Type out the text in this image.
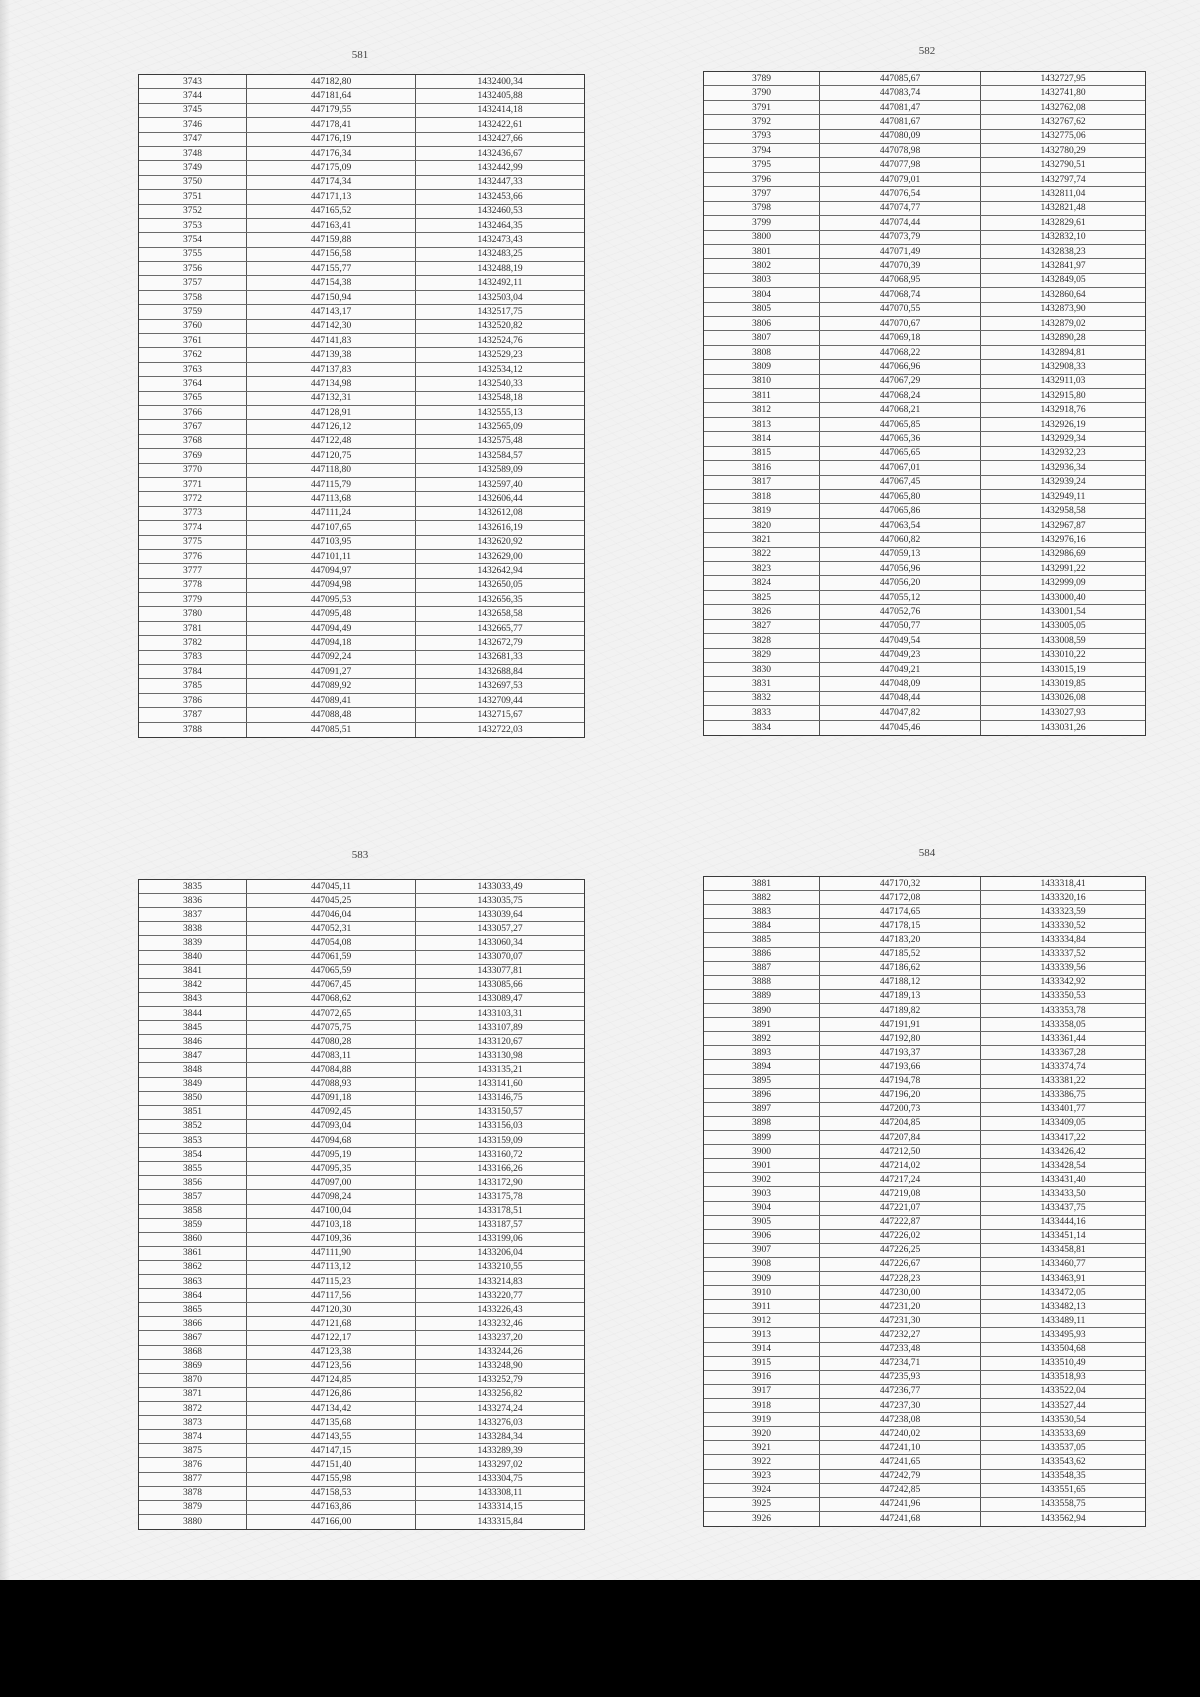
581
3743	447182,80	1432400,34
3744	447181,64	1432405,88
3745	447179,55	1432414,18
3746	447178,41	1432422,61
3747	447176,19	1432427,66
3748	447176,34	1432436,67
3749	447175,09	1432442,99
3750	447174,34	1432447,33
3751	447171,13	1432453,66
3752	447165,52	1432460,53
3753	447163,41	1432464,35
3754	447159,88	1432473,43
3755	447156,58	1432483,25
3756	447155,77	1432488,19
3757	447154,38	1432492,11
3758	447150,94	1432503,04
3759	447143,17	1432517,75
3760	447142,30	1432520,82
3761	447141,83	1432524,76
3762	447139,38	1432529,23
3763	447137,83	1432534,12
3764	447134,98	1432540,33
3765	447132,31	1432548,18
3766	447128,91	1432555,13
3767	447126,12	1432565,09
3768	447122,48	1432575,48
3769	447120,75	1432584,57
3770	447118,80	1432589,09
3771	447115,79	1432597,40
3772	447113,68	1432606,44
3773	447111,24	1432612,08
3774	447107,65	1432616,19
3775	447103,95	1432620,92
3776	447101,11	1432629,00
3777	447094,97	1432642,94
3778	447094,98	1432650,05
3779	447095,53	1432656,35
3780	447095,48	1432658,58
3781	447094,49	1432665,77
3782	447094,18	1432672,79
3783	447092,24	1432681,33
3784	447091,27	1432688,84
3785	447089,92	1432697,53
3786	447089,41	1432709,44
3787	447088,48	1432715,67
3788	447085,51	1432722,03
582
3789	447085,67	1432727,95
3790	447083,74	1432741,80
3791	447081,47	1432762,08
3792	447081,67	1432767,62
3793	447080,09	1432775,06
3794	447078,98	1432780,29
3795	447077,98	1432790,51
3796	447079,01	1432797,74
3797	447076,54	1432811,04
3798	447074,77	1432821,48
3799	447074,44	1432829,61
3800	447073,79	1432832,10
3801	447071,49	1432838,23
3802	447070,39	1432841,97
3803	447068,95	1432849,05
3804	447068,74	1432860,64
3805	447070,55	1432873,90
3806	447070,67	1432879,02
3807	447069,18	1432890,28
3808	447068,22	1432894,81
3809	447066,96	1432908,33
3810	447067,29	1432911,03
3811	447068,24	1432915,80
3812	447068,21	1432918,76
3813	447065,85	1432926,19
3814	447065,36	1432929,34
3815	447065,65	1432932,23
3816	447067,01	1432936,34
3817	447067,45	1432939,24
3818	447065,80	1432949,11
3819	447065,86	1432958,58
3820	447063,54	1432967,87
3821	447060,82	1432976,16
3822	447059,13	1432986,69
3823	447056,96	1432991,22
3824	447056,20	1432999,09
3825	447055,12	1433000,40
3826	447052,76	1433001,54
3827	447050,77	1433005,05
3828	447049,54	1433008,59
3829	447049,23	1433010,22
3830	447049,21	1433015,19
3831	447048,09	1433019,85
3832	447048,44	1433026,08
3833	447047,82	1433027,93
3834	447045,46	1433031,26
583
3835	447045,11	1433033,49
3836	447045,25	1433035,75
3837	447046,04	1433039,64
3838	447052,31	1433057,27
3839	447054,08	1433060,34
3840	447061,59	1433070,07
3841	447065,59	1433077,81
3842	447067,45	1433085,66
3843	447068,62	1433089,47
3844	447072,65	1433103,31
3845	447075,75	1433107,89
3846	447080,28	1433120,67
3847	447083,11	1433130,98
3848	447084,88	1433135,21
3849	447088,93	1433141,60
3850	447091,18	1433146,75
3851	447092,45	1433150,57
3852	447093,04	1433156,03
3853	447094,68	1433159,09
3854	447095,19	1433160,72
3855	447095,35	1433166,26
3856	447097,00	1433172,90
3857	447098,24	1433175,78
3858	447100,04	1433178,51
3859	447103,18	1433187,57
3860	447109,36	1433199,06
3861	447111,90	1433206,04
3862	447113,12	1433210,55
3863	447115,23	1433214,83
3864	447117,56	1433220,77
3865	447120,30	1433226,43
3866	447121,68	1433232,46
3867	447122,17	1433237,20
3868	447123,38	1433244,26
3869	447123,56	1433248,90
3870	447124,85	1433252,79
3871	447126,86	1433256,82
3872	447134,42	1433274,24
3873	447135,68	1433276,03
3874	447143,55	1433284,34
3875	447147,15	1433289,39
3876	447151,40	1433297,02
3877	447155,98	1433304,75
3878	447158,53	1433308,11
3879	447163,86	1433314,15
3880	447166,00	1433315,84
584
3881	447170,32	1433318,41
3882	447172,08	1433320,16
3883	447174,65	1433323,59
3884	447178,15	1433330,52
3885	447183,20	1433334,84
3886	447185,52	1433337,52
3887	447186,62	1433339,56
3888	447188,12	1433342,92
3889	447189,13	1433350,53
3890	447189,82	1433353,78
3891	447191,91	1433358,05
3892	447192,80	1433361,44
3893	447193,37	1433367,28
3894	447193,66	1433374,74
3895	447194,78	1433381,22
3896	447196,20	1433386,75
3897	447200,73	1433401,77
3898	447204,85	1433409,05
3899	447207,84	1433417,22
3900	447212,50	1433426,42
3901	447214,02	1433428,54
3902	447217,24	1433431,40
3903	447219,08	1433433,50
3904	447221,07	1433437,75
3905	447222,87	1433444,16
3906	447226,02	1433451,14
3907	447226,25	1433458,81
3908	447226,67	1433460,77
3909	447228,23	1433463,91
3910	447230,00	1433472,05
3911	447231,20	1433482,13
3912	447231,30	1433489,11
3913	447232,27	1433495,93
3914	447233,48	1433504,68
3915	447234,71	1433510,49
3916	447235,93	1433518,93
3917	447236,77	1433522,04
3918	447237,30	1433527,44
3919	447238,08	1433530,54
3920	447240,02	1433533,69
3921	447241,10	1433537,05
3922	447241,65	1433543,62
3923	447242,79	1433548,35
3924	447242,85	1433551,65
3925	447241,96	1433558,75
3926	447241,68	1433562,94
